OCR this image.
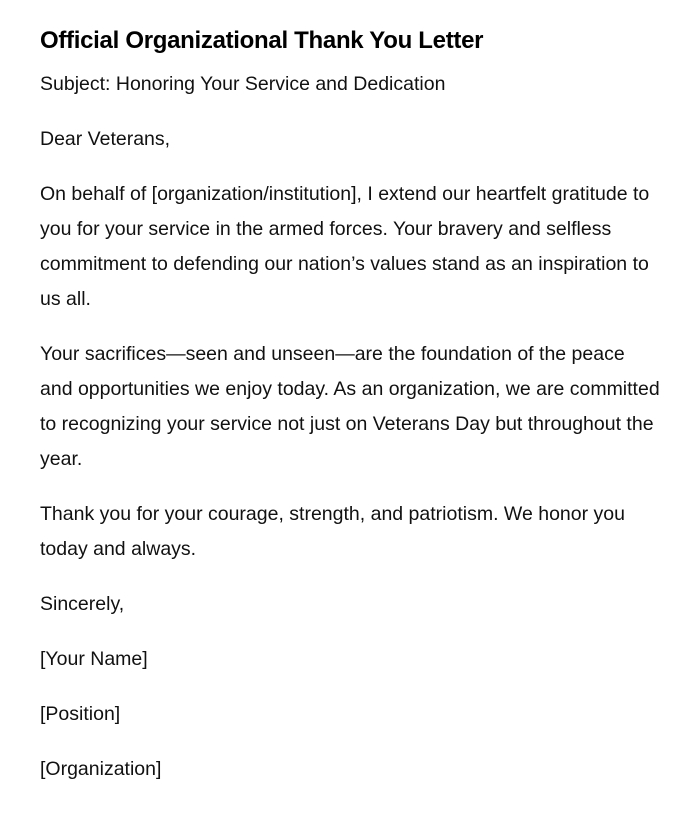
Official Organizational Thank You Letter
Subject: Honoring Your Service and Dedication

Dear Veterans,

On behalf of [organization/institution], I extend our heartfelt gratitude to you for your service in the armed forces. Your bravery and selfless commitment to defending our nation’s values stand as an inspiration to us all.

Your sacrifices—seen and unseen—are the foundation of the peace and opportunities we enjoy today. As an organization, we are committed to recognizing your service not just on Veterans Day but throughout the year.

Thank you for your courage, strength, and patriotism. We honor you today and always.

Sincerely,

[Your Name]

[Position]

[Organization]
